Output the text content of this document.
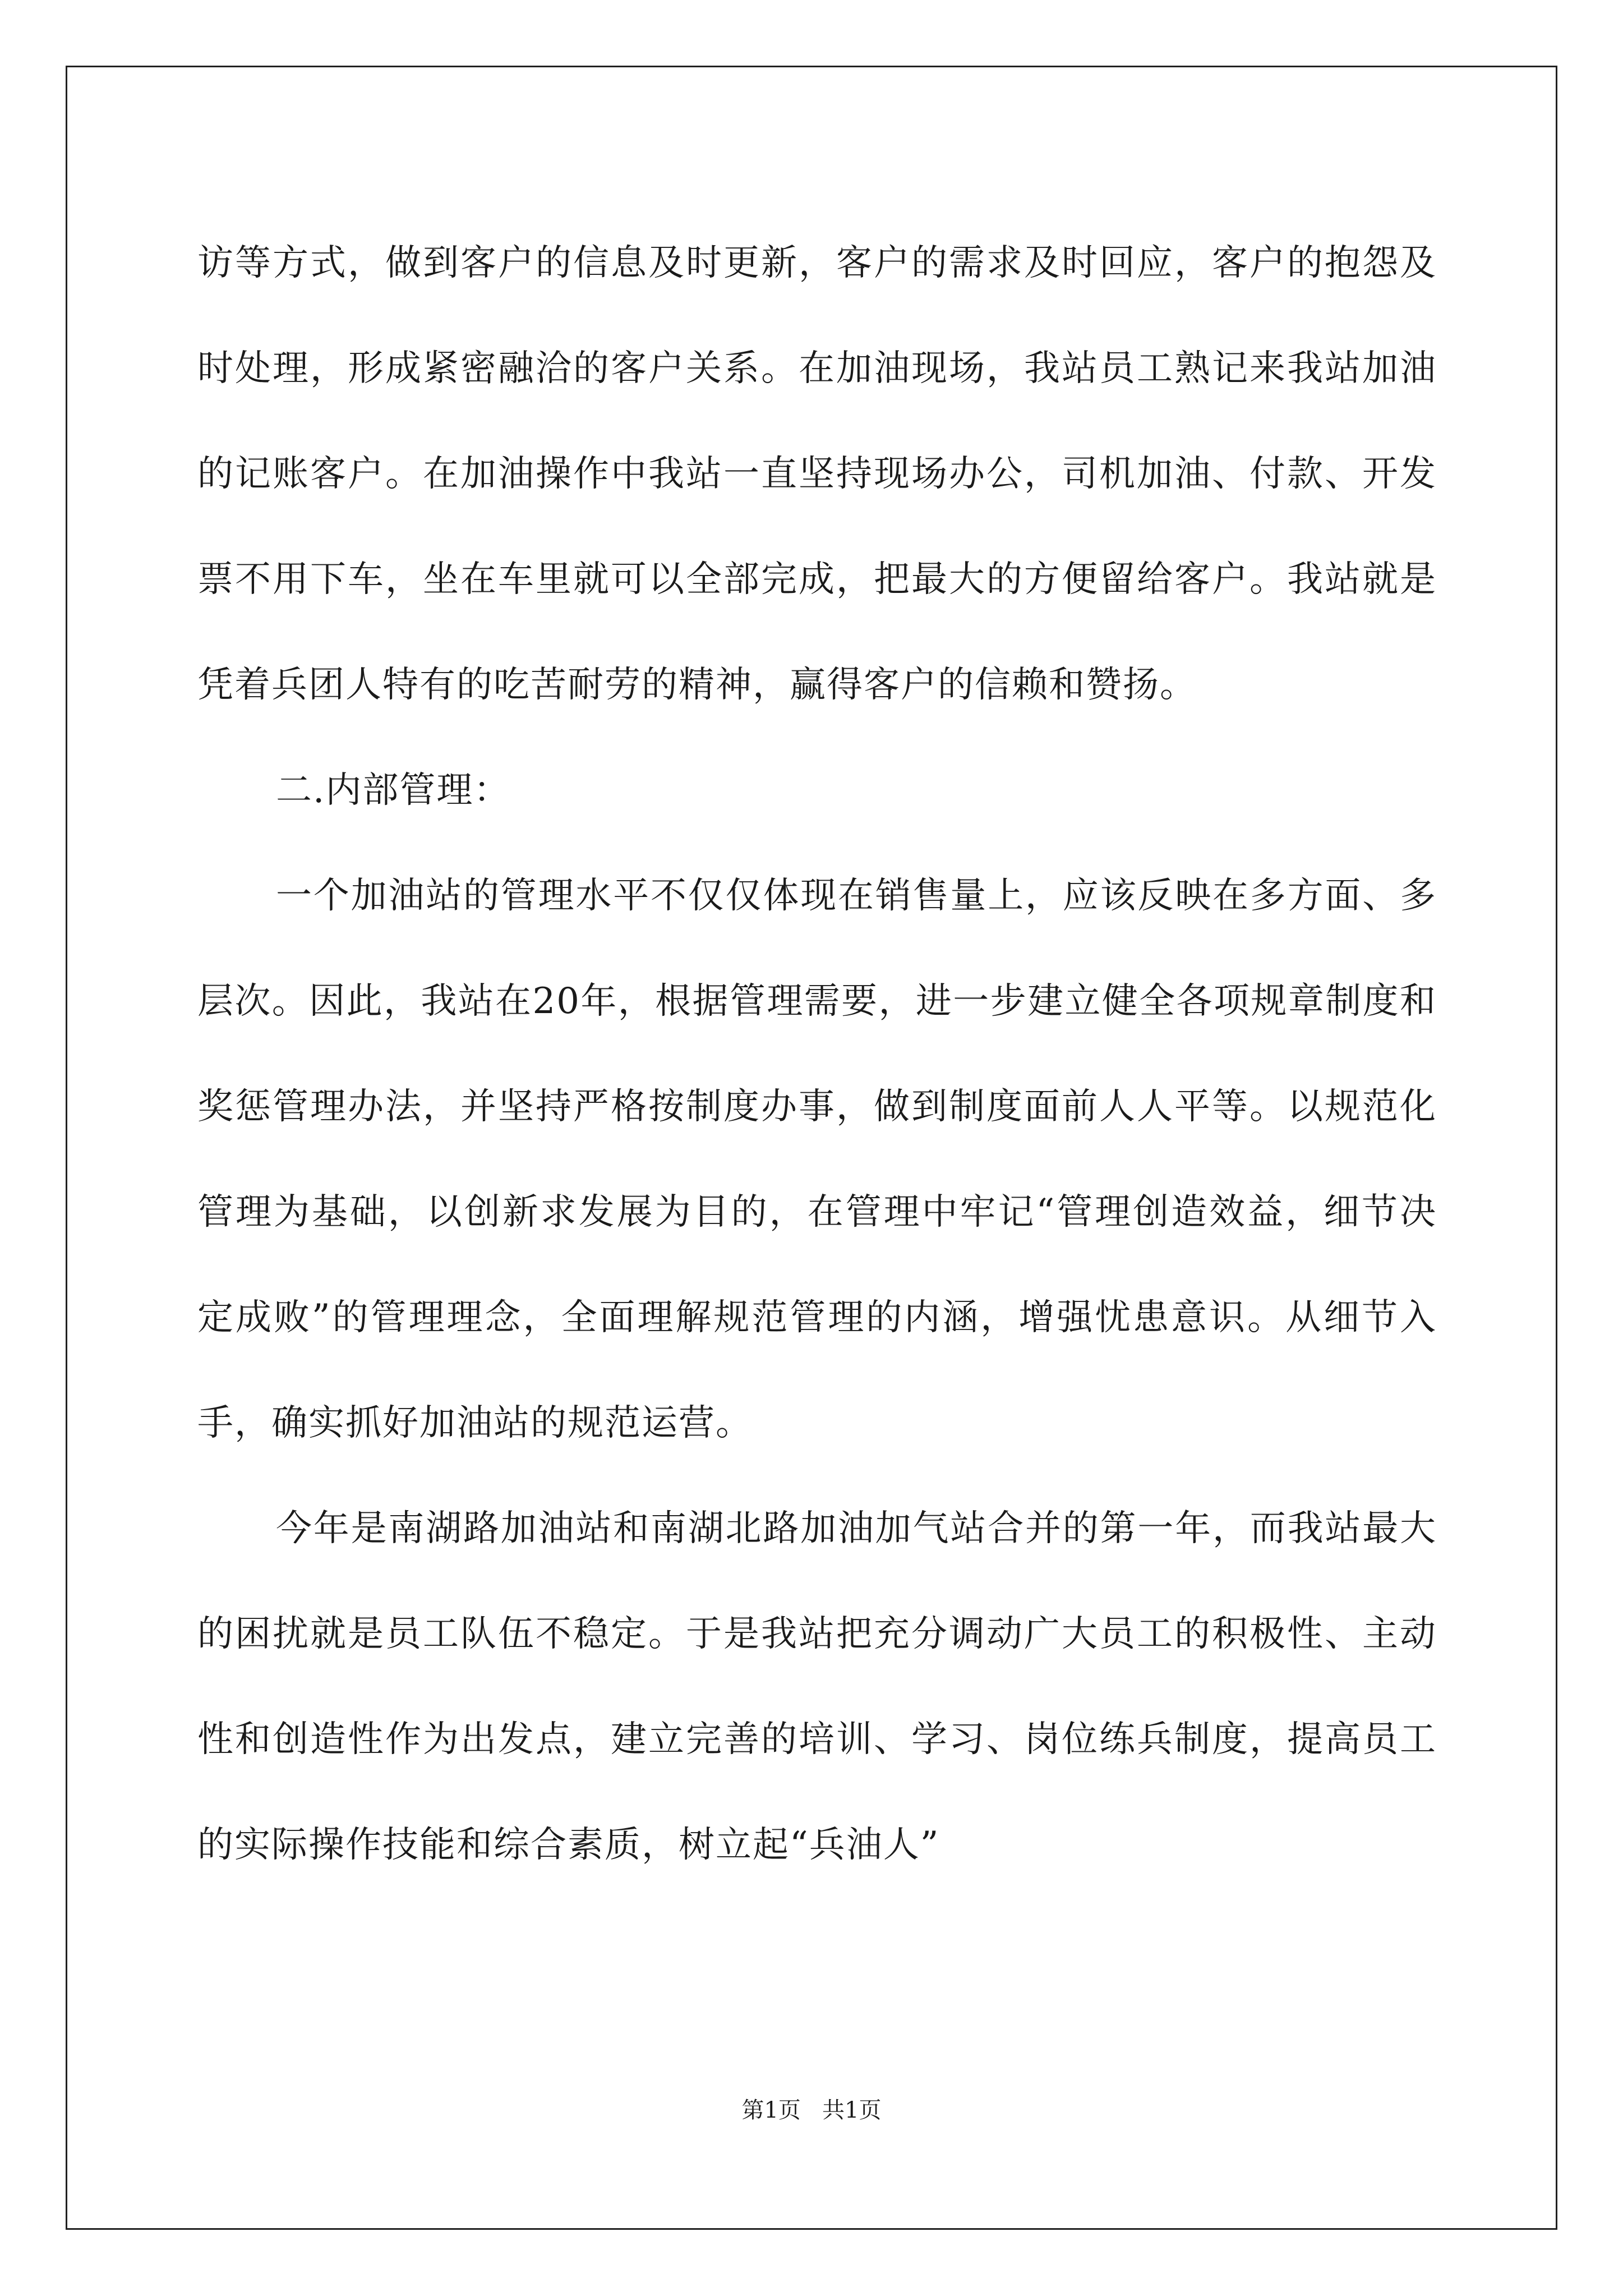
访等方式，做到客户的信息及时更新，客户的需求及时回应，客户的抱怨及时处理，形成紧密融洽的客户关系。在加油现场，我站员工熟记来我站加油的记账客户。在加油操作中我站一直坚持现场办公，司机加油、付款、开发票不用下车，坐在车里就可以全部完成，把最大的方便留给客户。我站就是凭着兵团人特有的吃苦耐劳的精神，赢得客户的信赖和赞扬。

二.内部管理：

一个加油站的管理水平不仅仅体现在销售量上，应该反映在多方面、多层次。因此，我站在20年，根据管理需要，进一步建立健全各项规章制度和奖惩管理办法，并坚持严格按制度办事，做到制度面前人人平等。以规范化管理为基础，以创新求发展为目的，在管理中牢记“管理创造效益，细节决定成败”的管理理念，全面理解规范管理的内涵，增强忧患意识。从细节入手，确实抓好加油站的规范运营。

今年是南湖路加油站和南湖北路加油加气站合并的第一年，而我站最大的困扰就是员工队伍不稳定。于是我站把充分调动广大员工的积极性、主动性和创造性作为出发点，建立完善的培训、学习、岗位练兵制度，提高员工的实际操作技能和综合素质，树立起“兵油人”

第1页   共1页
